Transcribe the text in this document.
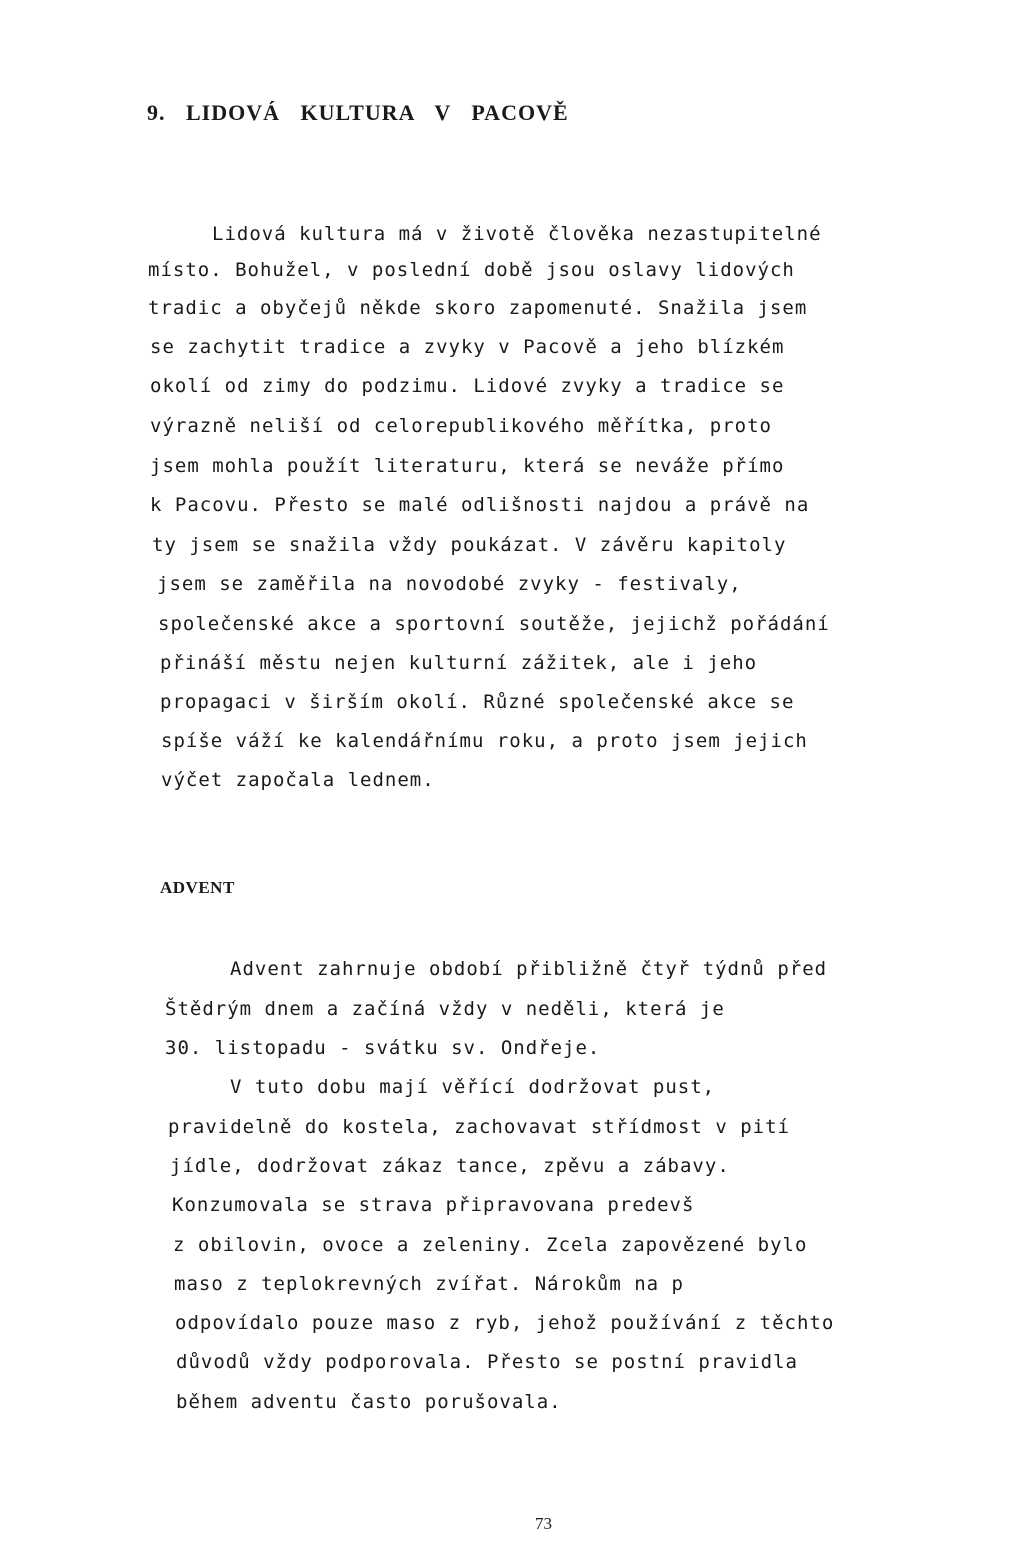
9. LIDOVÁ KULTURA V PACOVĚ

Lidová kultura má v životě člověka nezastupitelné

místo. Bohužel, v poslední době jsou oslavy lidových

tradic a obyčejů někde skoro zapomenuté. Snažila jsem

se zachytit tradice a zvyky v Pacově a jeho blízkém

okolí od zimy do podzimu. Lidové zvyky a tradice se

výrazně neliší od celorepublikového měřítka, proto

jsem mohla použít literaturu, která se neváže přímo

k Pacovu. Přesto se malé odlišnosti najdou a právě na

ty jsem se snažila vždy poukázat. V závěru kapitoly

jsem se zaměřila na novodobé zvyky - festivaly,

společenské akce a sportovní soutěže, jejichž pořádání

přináší městu nejen kulturní zážitek, ale i jeho

propagaci v širším okolí. Různé společenské akce se

spíše váží ke kalendářnímu roku, a proto jsem jejich

výčet započala lednem.

ADVENT

Advent zahrnuje období přibližně čtyř týdnů před

Štědrým dnem a začíná vždy v neděli, která je

30. listopadu - svátku sv. Ondřeje.

V tuto dobu mají věřící dodržovat pust,

pravidelně do kostela, zachovavat střídmost v pití

jídle, dodržovat zákaz tance, zpěvu a zábavy.

Konzumovala se strava připravovana predevš

z obilovin, ovoce a zeleniny. Zcela zapovězené bylo

maso z teplokrevných zvířat. Nárokům na p

odpovídalo pouze maso z ryb, jehož používání z těchto

důvodů vždy podporovala. Přesto se postní pravidla

během adventu často porušovala.

73
